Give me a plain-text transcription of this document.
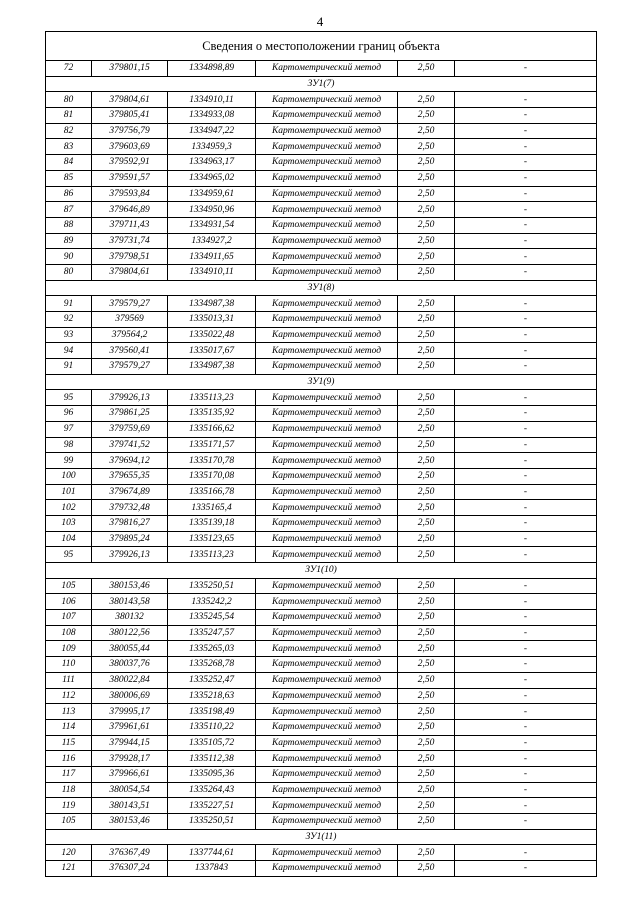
4
Сведения о местоположении границ объекта					
72	379801,15	1334898,89	Картометрический метод	2,50	-
ЗУ1(7)					
80	379804,61	1334910,11	Картометрический метод	2,50	-
81	379805,41	1334933,08	Картометрический метод	2,50	-
82	379756,79	1334947,22	Картометрический метод	2,50	-
83	379603,69	1334959,3	Картометрический метод	2,50	-
84	379592,91	1334963,17	Картометрический метод	2,50	-
85	379591,57	1334965,02	Картометрический метод	2,50	-
86	379593,84	1334959,61	Картометрический метод	2,50	-
87	379646,89	1334950,96	Картометрический метод	2,50	-
88	379711,43	1334931,54	Картометрический метод	2,50	-
89	379731,74	1334927,2	Картометрический метод	2,50	-
90	379798,51	1334911,65	Картометрический метод	2,50	-
80	379804,61	1334910,11	Картометрический метод	2,50	-
ЗУ1(8)					
91	379579,27	1334987,38	Картометрический метод	2,50	-
92	379569	1335013,31	Картометрический метод	2,50	-
93	379564,2	1335022,48	Картометрический метод	2,50	-
94	379560,41	1335017,67	Картометрический метод	2,50	-
91	379579,27	1334987,38	Картометрический метод	2,50	-
ЗУ1(9)					
95	379926,13	1335113,23	Картометрический метод	2,50	-
96	379861,25	1335135,92	Картометрический метод	2,50	-
97	379759,69	1335166,62	Картометрический метод	2,50	-
98	379741,52	1335171,57	Картометрический метод	2,50	-
99	379694,12	1335170,78	Картометрический метод	2,50	-
100	379655,35	1335170,08	Картометрический метод	2,50	-
101	379674,89	1335166,78	Картометрический метод	2,50	-
102	379732,48	1335165,4	Картометрический метод	2,50	-
103	379816,27	1335139,18	Картометрический метод	2,50	-
104	379895,24	1335123,65	Картометрический метод	2,50	-
95	379926,13	1335113,23	Картометрический метод	2,50	-
ЗУ1(10)					
105	380153,46	1335250,51	Картометрический метод	2,50	-
106	380143,58	1335242,2	Картометрический метод	2,50	-
107	380132	1335245,54	Картометрический метод	2,50	-
108	380122,56	1335247,57	Картометрический метод	2,50	-
109	380055,44	1335265,03	Картометрический метод	2,50	-
110	380037,76	1335268,78	Картометрический метод	2,50	-
111	380022,84	1335252,47	Картометрический метод	2,50	-
112	380006,69	1335218,63	Картометрический метод	2,50	-
113	379995,17	1335198,49	Картометрический метод	2,50	-
114	379961,61	1335110,22	Картометрический метод	2,50	-
115	379944,15	1335105,72	Картометрический метод	2,50	-
116	379928,17	1335112,38	Картометрический метод	2,50	-
117	379966,61	1335095,36	Картометрический метод	2,50	-
118	380054,54	1335264,43	Картометрический метод	2,50	-
119	380143,51	1335227,51	Картометрический метод	2,50	-
105	380153,46	1335250,51	Картометрический метод	2,50	-
ЗУ1(11)					
120	376367,49	1337744,61	Картометрический метод	2,50	-
121	376307,24	1337843	Картометрический метод	2,50	-
